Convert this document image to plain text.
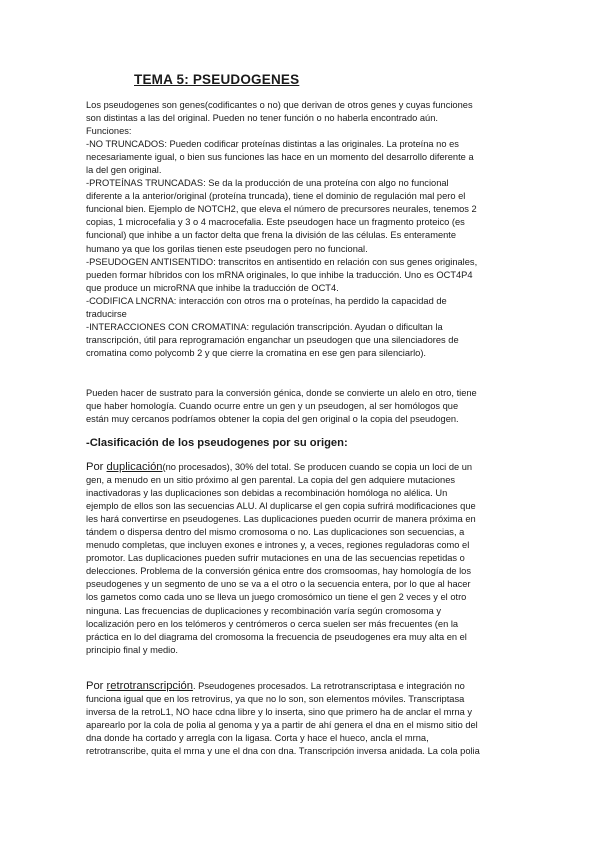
TEMA 5: PSEUDOGENES
Los pseudogenes son genes(codificantes o no) que derivan de otros genes y cuyas funciones
son distintas a las del original. Pueden no tener función o no haberla encontrado aún.
Funciones:
-NO TRUNCADOS: Pueden codificar proteínas distintas a las originales. La proteína no es
necesariamente igual, o bien sus funciones las hace en un momento del desarrollo diferente a
la del gen original.
-PROTEÍNAS TRUNCADAS: Se da la producción de una proteína con algo no funcional
diferente a la anterior/original (proteína truncada), tiene el dominio de regulación mal pero el
funcional bien. Ejemplo de NOTCH2, que eleva el número de precursores neurales, tenemos 2
copias, 1 microcefalia y 3 o 4 macrocefalia. Este pseudogen hace un fragmento proteico (es
funcional) que inhibe a un factor delta que frena la división de las células. Es enteramente
humano ya que los gorilas tienen este pseudogen pero no funcional.
-PSEUDOGEN ANTISENTIDO: transcritos en antisentido en relación con sus genes originales,
pueden formar híbridos con los mRNA originales, lo que inhibe la traducción. Uno es OCT4P4
que produce un microRNA que inhibe la traducción de OCT4.
-CODIFICA LNCRNA: interacción con otros rna o proteínas, ha perdido la capacidad de
traducirse
-INTERACCIONES CON CROMATINA: regulación transcripción. Ayudan o dificultan la
transcripción, útil para reprogramación enganchar un pseudogen que una silenciadores de
cromatina como polycomb 2 y que cierre la cromatina en ese gen para silenciarlo).
Pueden hacer de sustrato para la conversión génica, donde se convierte un alelo en otro, tiene
que haber homología. Cuando ocurre entre un gen y un pseudogen, al ser homólogos que
están muy cercanos podríamos obtener la copia del gen original o la copia del pseudogen.
-Clasificación de los pseudogenes por su origen:
Por duplicación(no procesados), 30% del total. Se producen cuando se copia un loci de un
gen, a menudo en un sitio próximo al gen parental. La copia del gen adquiere mutaciones
inactivadoras y las duplicaciones son debidas a recombinación homóloga no alélica. Un
ejemplo de ellos son las secuencias ALU. Al duplicarse el gen copia sufrirá modificaciones que
les hará convertirse en pseudogenes. Las duplicaciones pueden ocurrir de manera próxima en
tándem o dispersa dentro del mismo cromosoma o no. Las duplicaciones son secuencias, a
menudo completas, que incluyen exones e intrones y, a veces, regiones reguladoras como el
promotor. Las duplicaciones pueden sufrir mutaciones en una de las secuencias repetidas o
delecciones. Problema de la conversión génica entre dos cromsoomas, hay homología de los
pseudogenes y un segmento de uno se va a el otro o la secuencia entera, por lo que al hacer
los gametos como cada uno se lleva un juego cromosómico un tiene el gen 2 veces y el otro
ninguna. Las frecuencias de duplicaciones y recombinación varía según cromosoma y
localización pero en los telómeros y centrómeros o cerca suelen ser más frecuentes (en la
práctica en lo del diagrama del cromosoma la frecuencia de pseudogenes era muy alta en el
principio final y medio.
Por retrotranscripción. Pseudogenes procesados. La retrotranscriptasa e integración no
funciona igual que en los retrovirus, ya que no lo son, son elementos móviles. Transcriptasa
inversa de la retroL1, NO hace cdna libre y lo inserta, sino que primero ha de anclar el mrna y
aparearlo por la cola de polia al genoma y ya a partir de ahí genera el dna en el mismo sitio del
dna donde ha cortado y arregla con la ligasa. Corta y hace el hueco, ancla el mrna,
retrotranscribe, quita el mrna y une el dna con dna. Transcripción inversa anidada. La cola polia
